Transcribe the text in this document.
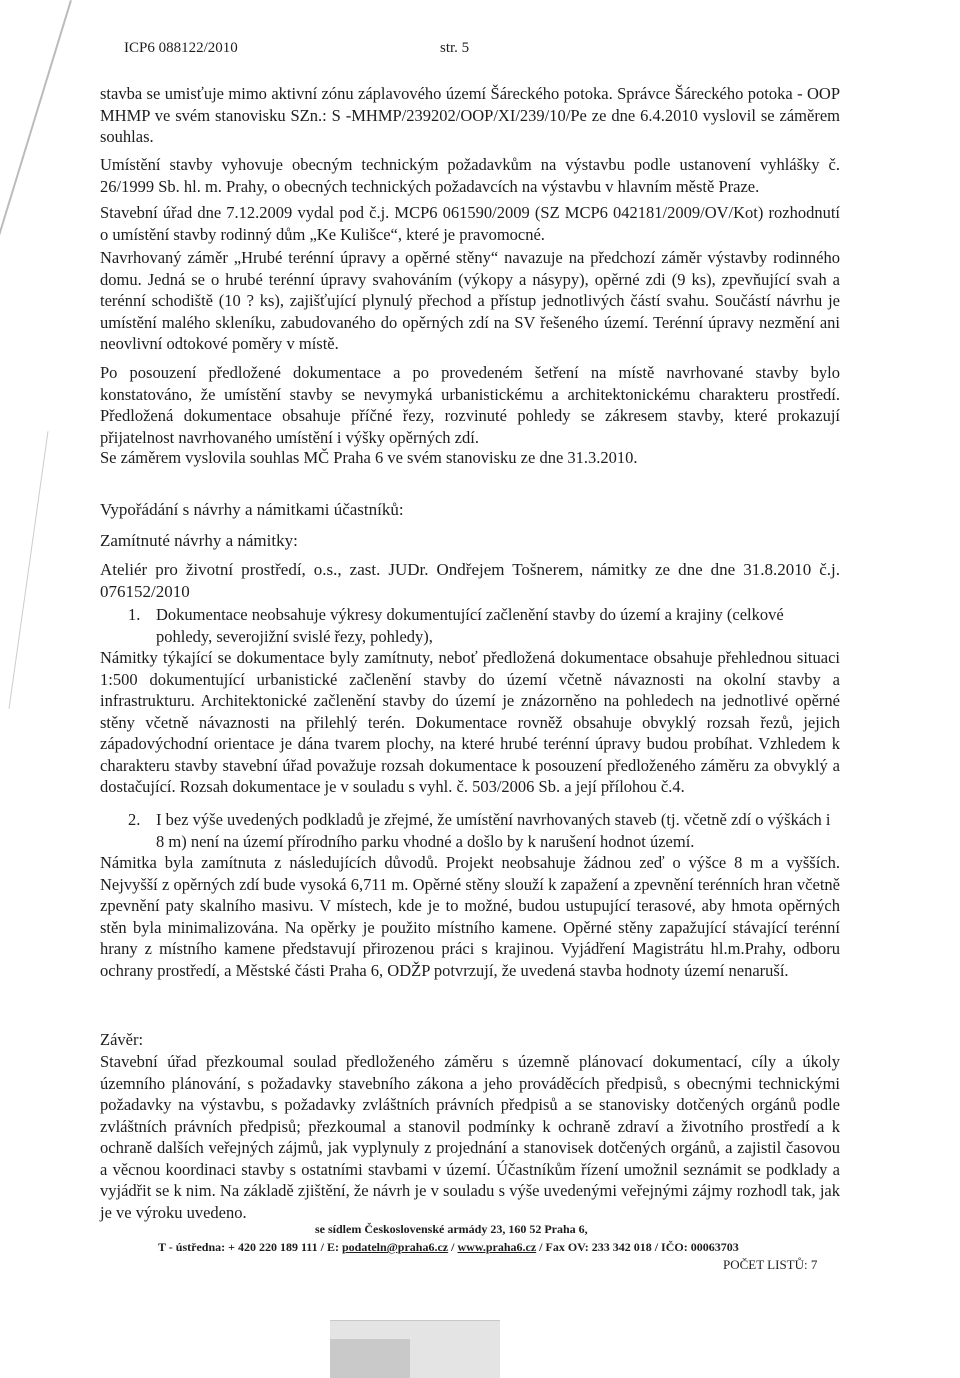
ICP6 088122/2010	str. 5
stavba se umisťuje mimo aktivní zónu záplavového území Šáreckého potoka. Správce Šáreckého potoka - OOP MHMP ve svém stanovisku SZn.: S -MHMP/239202/OOP/XI/239/10/Pe ze dne 6.4.2010 vyslovil se záměrem souhlas.
Umístění stavby vyhovuje obecným technickým požadavkům na výstavbu podle ustanovení vyhlášky č. 26/1999 Sb. hl. m. Prahy, o obecných technických požadavcích na výstavbu v hlavním městě Praze.
Stavební úřad dne 7.12.2009 vydal pod č.j. MCP6 061590/2009 (SZ MCP6 042181/2009/OV/Kot) rozhodnutí o umístění stavby rodinný dům „Ke Kulišce“, které je pravomocné.
Navrhovaný záměr „Hrubé terénní úpravy a opěrné stěny“ navazuje na předchozí záměr výstavby rodinného domu. Jedná se o hrubé terénní úpravy svahováním (výkopy a násypy), opěrné zdi (9 ks), zpevňující svah a terénní schodiště (10 ? ks), zajišťující plynulý přechod a přístup jednotlivých částí svahu. Součástí návrhu je umístění malého skleníku, zabudovaného do opěrných zdí na SV řešeného území. Terénní úpravy nezmění ani neovlivní odtokové poměry v místě.
Po posouzení předložené dokumentace a po provedeném šetření na místě navrhované stavby bylo konstatováno, že umístění stavby se nevymyká urbanistickému a architektonickému charakteru prostředí. Předložená dokumentace obsahuje příčné řezy, rozvinuté pohledy se zákresem stavby, které prokazují přijatelnost navrhovaného umístění i výšky opěrných zdí.
Se záměrem vyslovila souhlas MČ Praha 6 ve svém stanovisku ze dne 31.3.2010.
Vypořádání s návrhy a námitkami účastníků:
Zamítnuté návrhy a námitky:
Ateliér pro životní prostředí, o.s., zast. JUDr. Ondřejem Tošnerem, námitky ze dne dne 31.8.2010 č.j. 076152/2010
1. Dokumentace neobsahuje výkresy dokumentující začlenění stavby do území a krajiny (celkové pohledy, severojižní svislé řezy, pohledy),
Námitky týkající se dokumentace byly zamítnuty, neboť předložená dokumentace obsahuje přehlednou situaci 1:500 dokumentující urbanistické začlenění stavby do území včetně návaznosti na okolní stavby a infrastrukturu. Architektonické začlenění stavby do území je znázorněno na pohledech na jednotlivé opěrné stěny včetně návaznosti na přilehlý terén. Dokumentace rovněž obsahuje obvyklý rozsah řezů, jejich západovýchodní orientace je dána tvarem plochy, na které hrubé terénní úpravy budou probíhat. Vzhledem k charakteru stavby stavební úřad považuje rozsah dokumentace k posouzení předloženého záměru za obvyklý a dostačující. Rozsah dokumentace je v souladu s vyhl. č. 503/2006 Sb. a její přílohou č.4.
2. I bez výše uvedených podkladů je zřejmé, že umístění navrhovaných staveb (tj. včetně zdí o výškách i 8 m) není na území přírodního parku vhodné a došlo by k narušení hodnot území.
Námitka byla zamítnuta z následujících důvodů. Projekt neobsahuje žádnou zeď o výšce 8 m a vyšších. Nejvyšší z opěrných zdí bude vysoká 6,711 m. Opěrné stěny slouží k zapažení a zpevnění terénních hran včetně zpevnění paty skalního masivu. V místech, kde je to možné, budou ustupující terasové, aby hmota opěrných stěn byla minimalizována. Na opěrky je použito místního kamene. Opěrné stěny zapažující stávající terénní hrany z místního kamene představují přirozenou práci s krajinou. Vyjádření Magistrátu hl.m.Prahy, odboru ochrany prostředí, a Městské části Praha 6, ODŽP potvrzují, že uvedená stavba hodnoty území nenaruší.
Závěr:
Stavební úřad přezkoumal soulad předloženého záměru s územně plánovací dokumentací, cíly a úkoly územního plánování, s požadavky stavebního zákona a jeho prováděcích předpisů, s obecnými technickými požadavky na výstavbu, s požadavky zvláštních právních předpisů a se stanovisky dotčených orgánů podle zvláštních právních předpisů; přezkoumal a stanovil podmínky k ochraně zdraví a životního prostředí a k ochraně dalších veřejných zájmů, jak vyplynuly z projednání a stanovisek dotčených orgánů, a zajistil časovou a věcnou koordinaci stavby s ostatními stavbami v území. Účastníkům řízení umožnil seznámit se podklady a vyjádřit se k nim. Na základě zjištění, že návrh je v souladu s výše uvedenými veřejnými zájmy rozhodl tak, jak je ve výroku uvedeno.
se sídlem Československé armády 23, 160 52 Praha 6,
T - ústředna: + 420 220 189 111 / E: podateln@praha6.cz / www.praha6.cz / Fax OV: 233 342 018 / IČO: 00063703
POČET LISTŮ: 7
